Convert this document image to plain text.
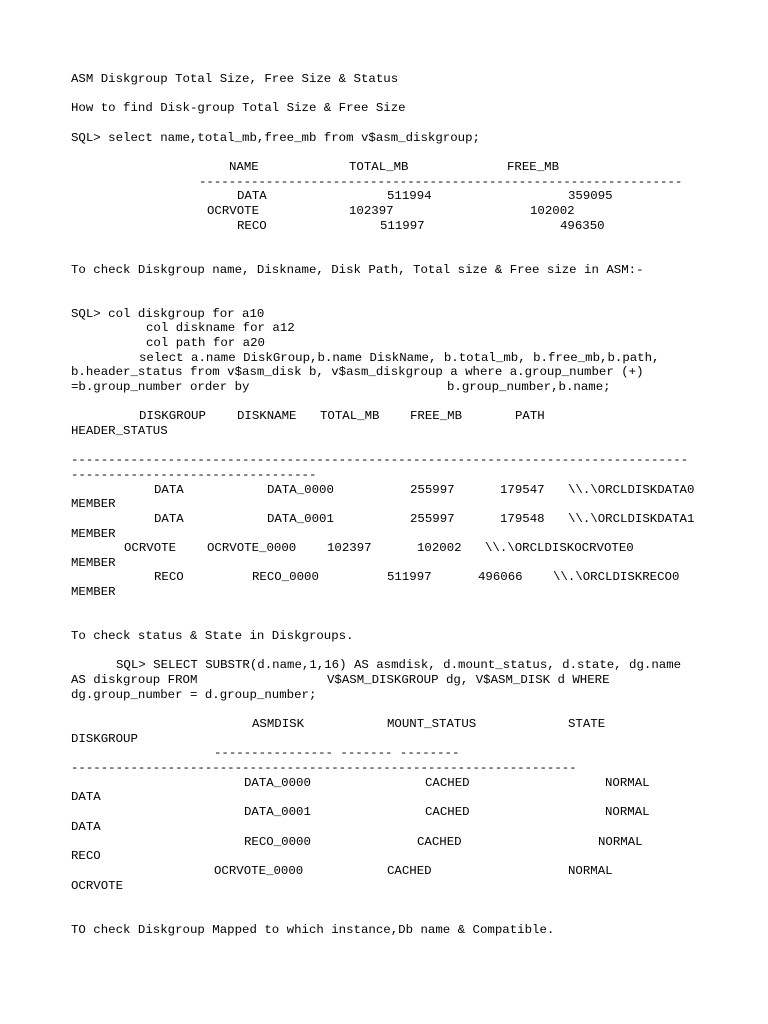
ASM Diskgroup Total Size, Free Size & Status
How to find Disk-group Total Size & Free Size
SQL> select name,total_mb,free_mb from v$asm_diskgroup;
NAME	TOTAL_MB	FREE_MB
-----------------------------------------------------------------
DATA	511994	359095
OCRVOTE	102397	102002
RECO	511997	496350
To check Diskgroup name, Diskname, Disk Path, Total size & Free size in ASM:-
SQL> col diskgroup for a10
col diskname for a12
col path for a20
select a.name DiskGroup,b.name DiskName, b.total_mb, b.free_mb,b.path,
b.header_status from v$asm_disk b, v$asm_diskgroup a where a.group_number (+)
=b.group_number order by	b.group_number,b.name;
DISKGROUP	DISKNAME TOTAL_MB FREE_MB	PATH
HEADER_STATUS
-----------------------------------------------------------------------------------
---------------------------------
DATA	DATA_0000	255997	179547 \\.\ORCLDISKDATA0
MEMBER
DATA	DATA_0001	255997	179548 \\.\ORCLDISKDATA1
MEMBER
OCRVOTE OCRVOTE_0000 102397	102002 \\.\ORCLDISKOCRVOTE0
MEMBER
RECO	RECO_0000	511997	496066 \\.\ORCLDISKRECO0
MEMBER
To check status & State in Diskgroups.
SQL> SELECT SUBSTR(d.name,1,16) AS asmdisk, d.mount_status, d.state, dg.name
AS diskgroup FROM	V$ASM_DISKGROUP dg, V$ASM_DISK d WHERE
dg.group_number = d.group_number;
ASMDISK	MOUNT_STATUS	STATE
DISKGROUP
---------------- ------- --------
--------------------------------------------------------------------
DATA_0000	CACHED	NORMAL
DATA
DATA_0001	CACHED	NORMAL
DATA
RECO_0000	CACHED	NORMAL
RECO
OCRVOTE_0000	CACHED	NORMAL
OCRVOTE
TO check Diskgroup Mapped to which instance,Db name & Compatible.
